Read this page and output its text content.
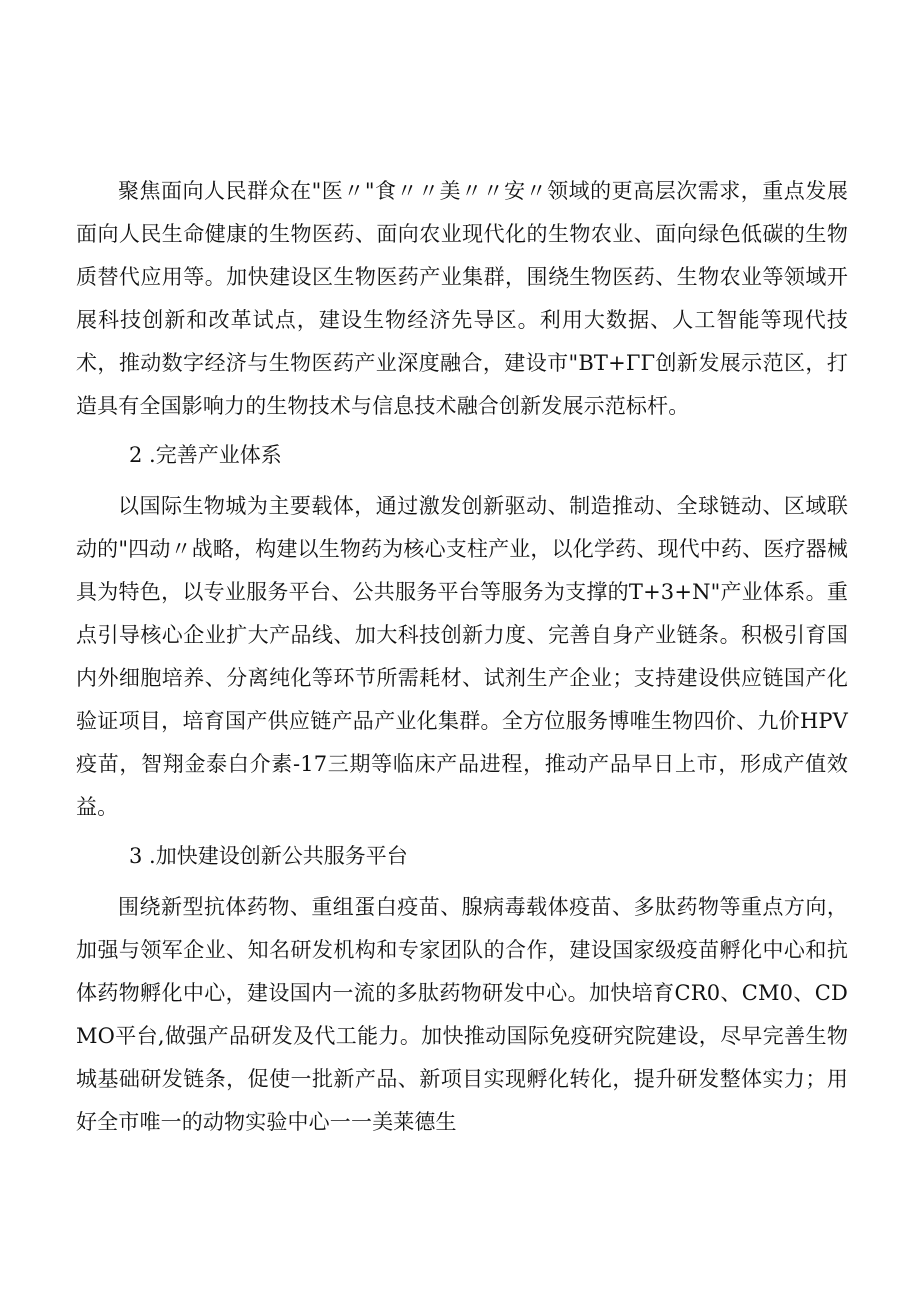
聚焦面向人民群众在"医〃"食〃〃美〃〃安〃领域的更高层次需求，重点发展面向人民生命健康的生物医药、面向农业现代化的生物农业、面向绿色低碳的生物质替代应用等。加快建设区生物医药产业集群，围绕生物医药、生物农业等领域开展科技创新和改革试点，建设生物经济先导区。利用大数据、人工智能等现代技术，推动数字经济与生物医药产业深度融合，建设市"BT+ΓΓ创新发展示范区，打造具有全国影响力的生物技术与信息技术融合创新发展示范标杆。

2 .完善产业体系

以国际生物城为主要载体，通过激发创新驱动、制造推动、全球链动、区域联动的"四动〃战略，构建以生物药为核心支柱产业，以化学药、现代中药、医疗器械具为特色，以专业服务平台、公共服务平台等服务为支撑的T+3+N"产业体系。重点引导核心企业扩大产品线、加大科技创新力度、完善自身产业链条。积极引育国内外细胞培养、分离纯化等环节所需耗材、试剂生产企业；支持建设供应链国产化验证项目，培育国产供应链产品产业化集群。全方位服务博唯生物四价、九价HPV疫苗，智翔金泰白介素-17三期等临床产品进程，推动产品早日上市，形成产值效益。

3 .加快建设创新公共服务平台

围绕新型抗体药物、重组蛋白疫苗、腺病毒载体疫苗、多肽药物等重点方向，加强与领军企业、知名研发机构和专家团队的合作，建设国家级疫苗孵化中心和抗体药物孵化中心，建设国内一流的多肽药物研发中心。加快培育CR0、CM0、CDMO平台,做强产品研发及代工能力。加快推动国际免疫研究院建设，尽早完善生物城基础研发链条，促使一批新产品、新项目实现孵化转化，提升研发整体实力；用好全市唯一的动物实验中心一一美莱德生
